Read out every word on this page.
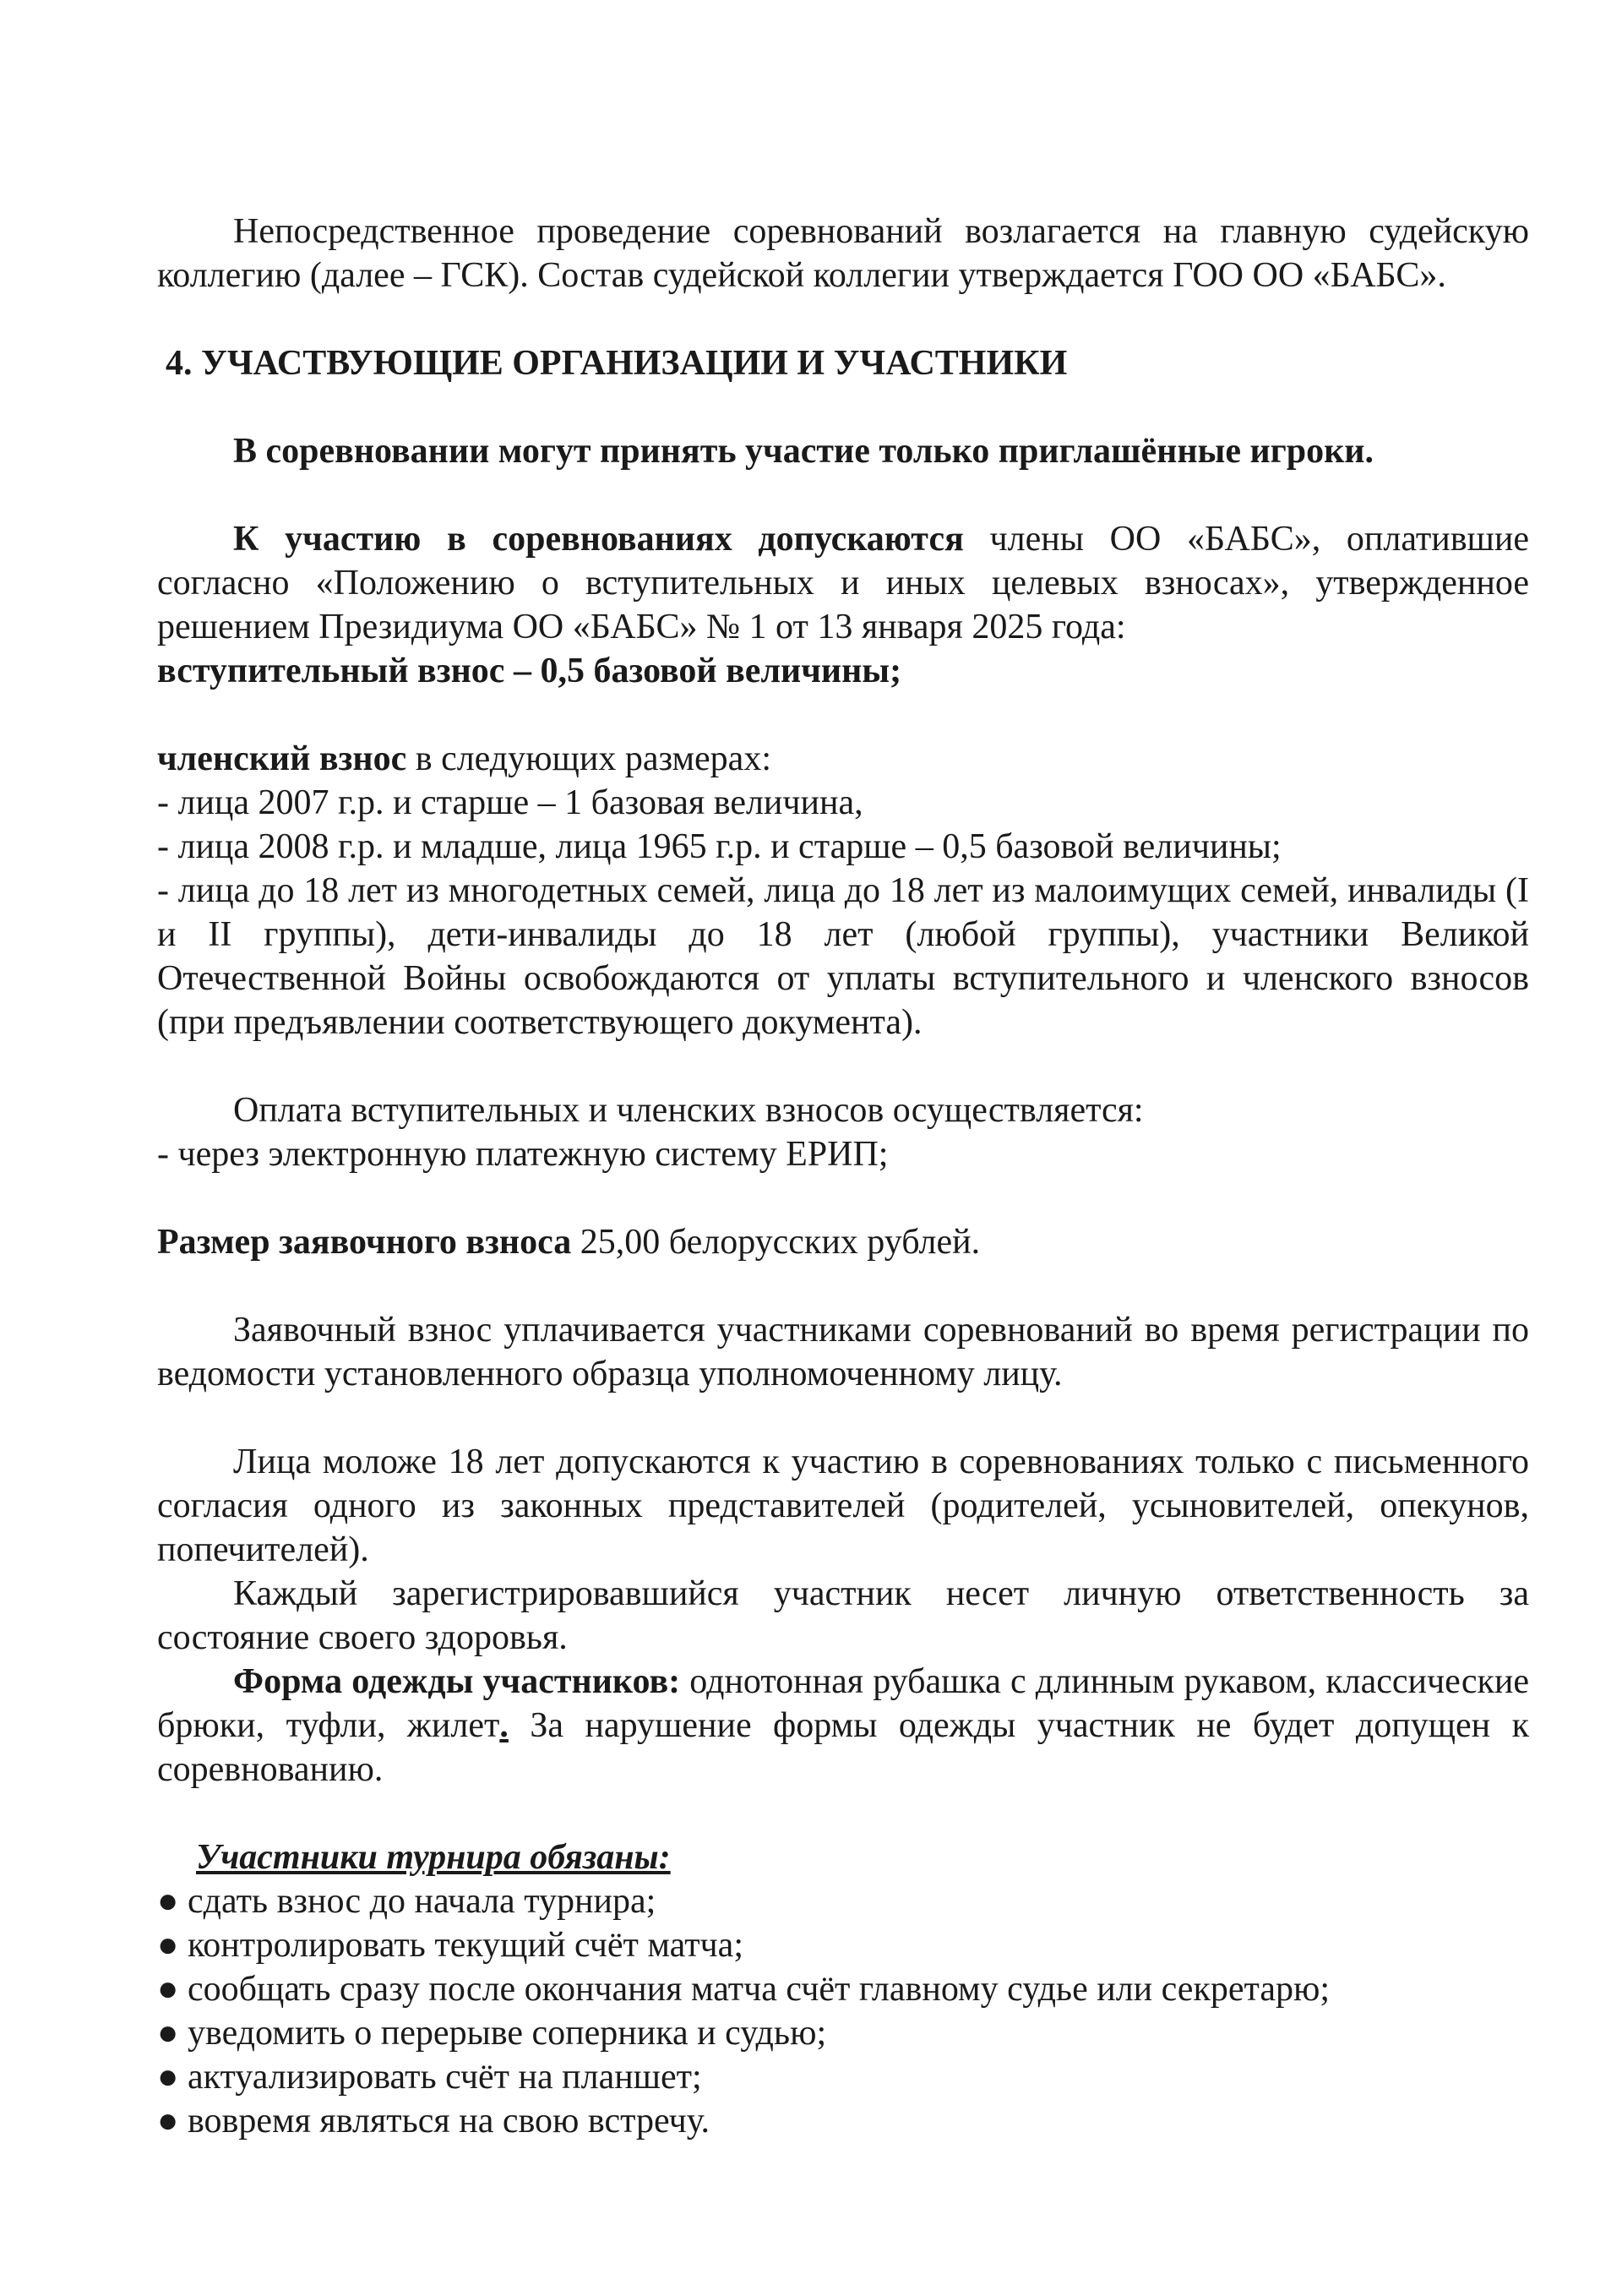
Непосредственное проведение соревнований возлагается на главную судейскую коллегию (далее – ГСК). Состав судейской коллегии утверждается ГОО ОО «БАБС».

4. УЧАСТВУЮЩИЕ ОРГАНИЗАЦИИ И УЧАСТНИКИ

В соревновании могут принять участие только приглашённые игроки.

К участию в соревнованиях допускаются члены ОО «БАБС», оплатившие согласно «Положению о вступительных и иных целевых взносах», утвержденное решением Президиума ОО «БАБС» № 1 от 13 января 2025 года:

вступительный взнос – 0,5 базовой величины;

членский взнос в следующих размерах:

- лица 2007 г.р. и старше – 1 базовая величина,

- лица 2008 г.р. и младше, лица 1965 г.р. и старше – 0,5 базовой величины;

- лица до 18 лет из многодетных семей, лица до 18 лет из малоимущих семей, инвалиды (I и II группы), дети-инвалиды до 18 лет (любой группы), участники Великой Отечественной Войны освобождаются от уплаты вступительного и членского взносов (при предъявлении соответствующего документа).

Оплата вступительных и членских взносов осуществляется:

- через электронную платежную систему ЕРИП;

Размер заявочного взноса 25,00 белорусских рублей.

Заявочный взнос уплачивается участниками соревнований во время регистрации по ведомости установленного образца уполномоченному лицу.

Лица моложе 18 лет допускаются к участию в соревнованиях только с письменного согласия одного из законных представителей (родителей, усыновителей, опекунов, попечителей).

Каждый зарегистрировавшийся участник несет личную ответственность за состояние своего здоровья.

Форма одежды участников: однотонная рубашка с длинным рукавом, классические брюки, туфли, жилет. За нарушение формы одежды участник не будет допущен к соревнованию.

Участники турнира обязаны:

● сдать взнос до начала турнира;
● контролировать текущий счёт матча;
● сообщать сразу после окончания матча счёт главному судье или секретарю;
● уведомить о перерыве соперника и судью;
● актуализировать счёт на планшет;
● вовремя являться на свою встречу.
